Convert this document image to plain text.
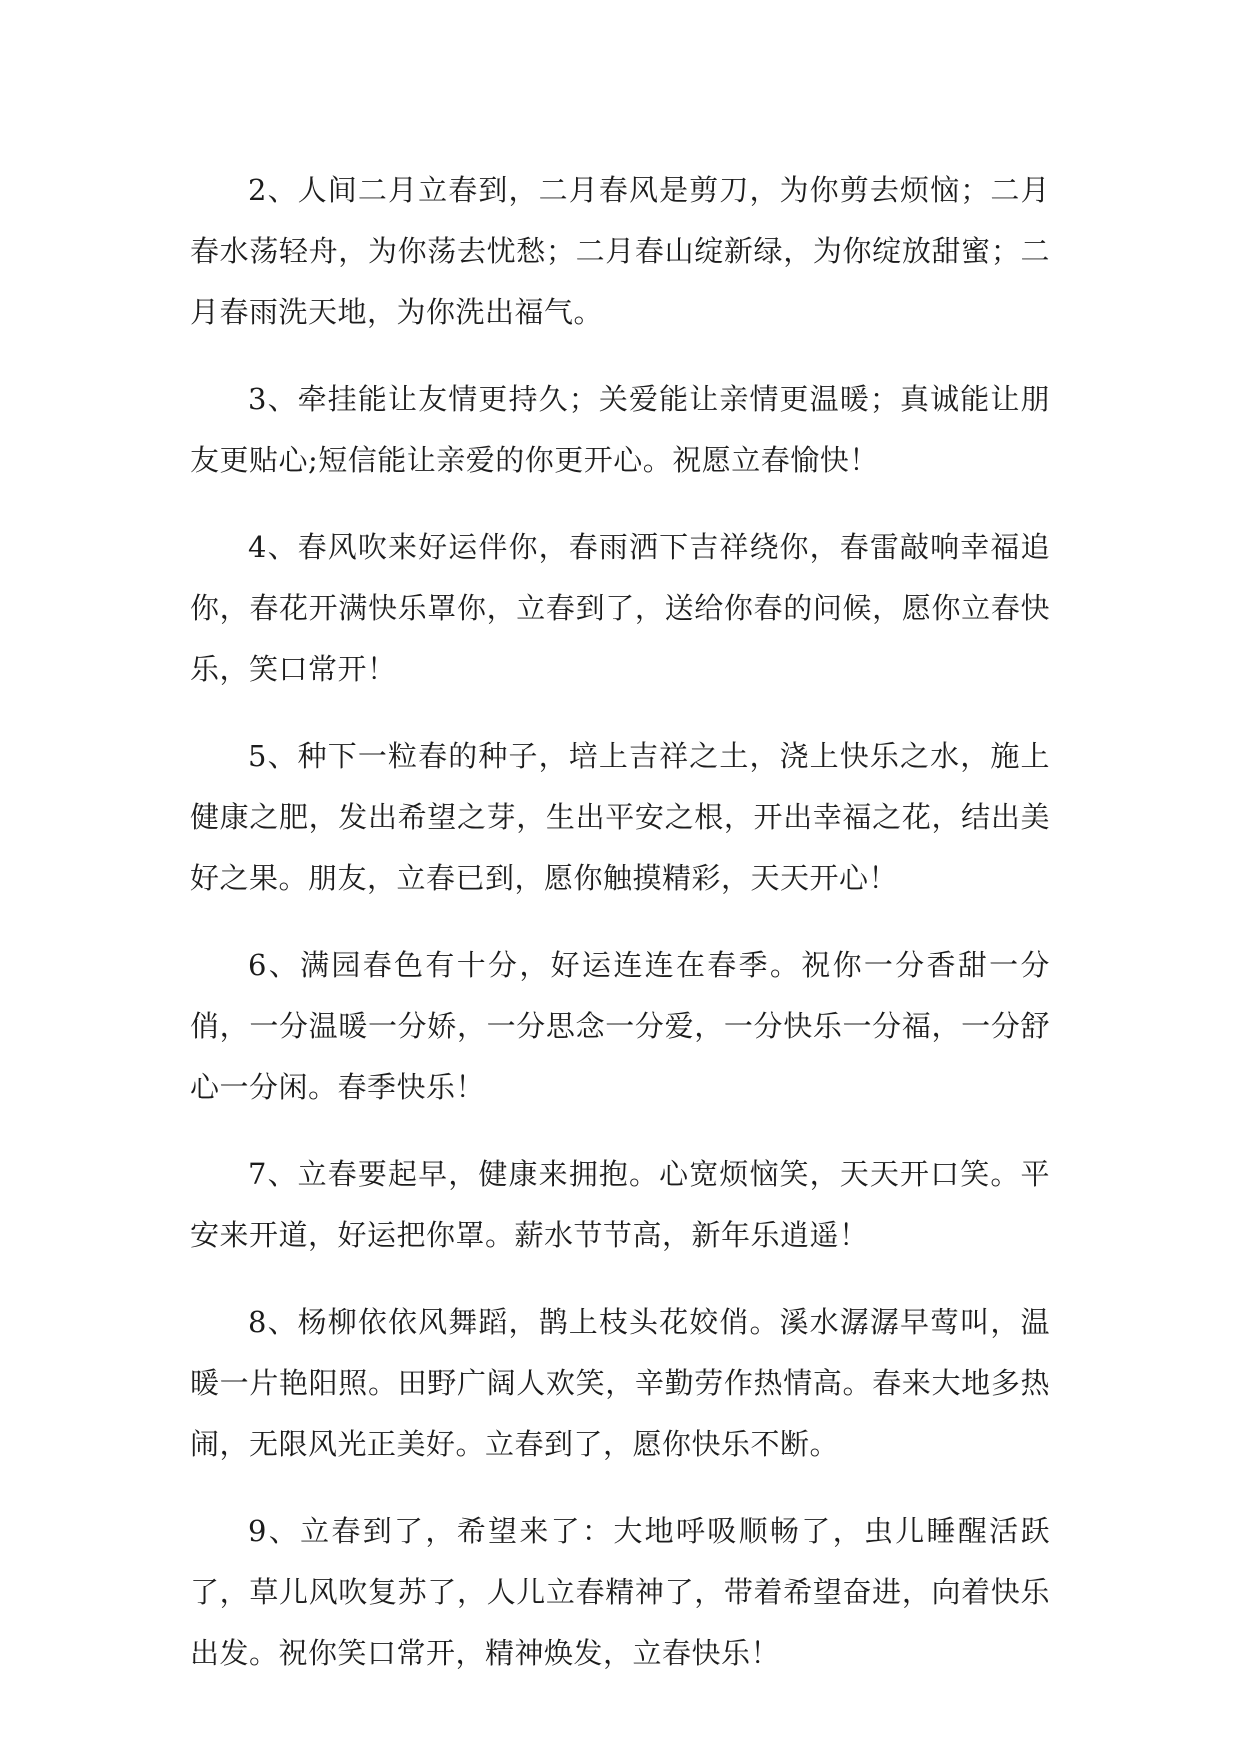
2、人间二月立春到，二月春风是剪刀，为你剪去烦恼；二月春水荡轻舟，为你荡去忧愁；二月春山绽新绿，为你绽放甜蜜；二月春雨洗天地，为你洗出福气。

3、牵挂能让友情更持久；关爱能让亲情更温暖；真诚能让朋友更贴心;短信能让亲爱的你更开心。祝愿立春愉快！

4、春风吹来好运伴你，春雨洒下吉祥绕你，春雷敲响幸福追你，春花开满快乐罩你，立春到了，送给你春的问候，愿你立春快乐，笑口常开！

5、种下一粒春的种子，培上吉祥之土，浇上快乐之水，施上健康之肥，发出希望之芽，生出平安之根，开出幸福之花，结出美好之果。朋友，立春已到，愿你触摸精彩，天天开心！

6、满园春色有十分，好运连连在春季。祝你一分香甜一分俏，一分温暖一分娇，一分思念一分爱，一分快乐一分福，一分舒心一分闲。春季快乐！

7、立春要起早，健康来拥抱。心宽烦恼笑，天天开口笑。平安来开道，好运把你罩。薪水节节高，新年乐逍遥！

8、杨柳依依风舞蹈，鹊上枝头花姣俏。溪水潺潺早莺叫，温暖一片艳阳照。田野广阔人欢笑，辛勤劳作热情高。春来大地多热闹，无限风光正美好。立春到了，愿你快乐不断。

9、立春到了，希望来了：大地呼吸顺畅了，虫儿睡醒活跃了，草儿风吹复苏了，人儿立春精神了，带着希望奋进，向着快乐出发。祝你笑口常开，精神焕发，立春快乐！
